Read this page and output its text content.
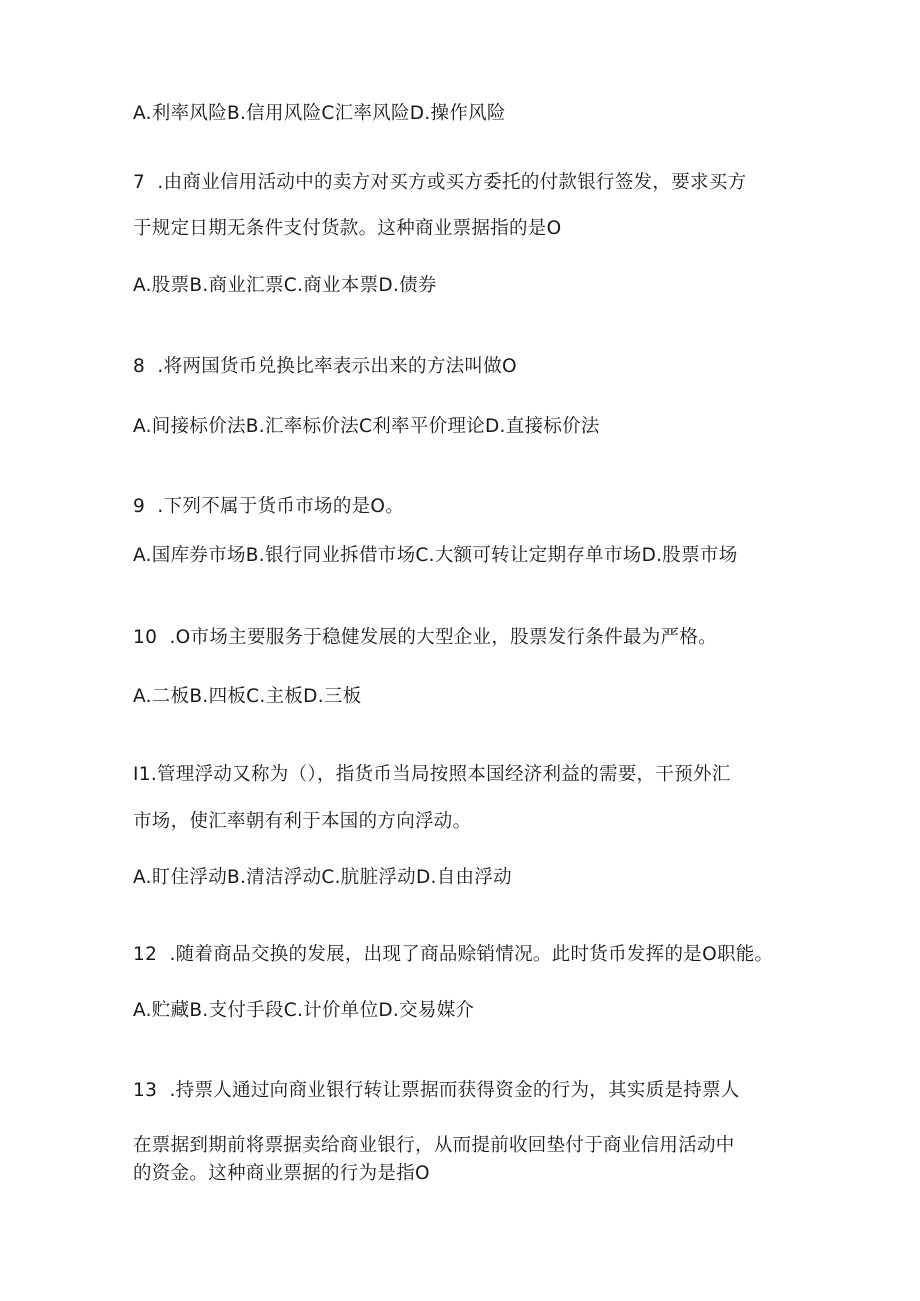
A.利率风险B.信用风险C汇率风险D.操作风险
7  .由商业信用活动中的卖方对买方或买方委托的付款银行签发，要求买方
于规定日期无条件支付货款。这种商业票据指的是O
A.股票B.商业汇票C.商业本票D.债券
8  .将两国货币兑换比率表示出来的方法叫做O
A.间接标价法B.汇率标价法C利率平价理论D.直接标价法
9  .下列不属于货币市场的是O。
A.国库券市场B.银行同业拆借市场C.大额可转让定期存单市场D.股票市场
10  .O市场主要服务于稳健发展的大型企业，股票发行条件最为严格。
A.二板B.四板C.主板D.三板
I1.管理浮动又称为（），指货币当局按照本国经济利益的需要，干预外汇
市场，使汇率朝有利于本国的方向浮动。
A.盯住浮动B.清洁浮动C.肮脏浮动D.自由浮动
12  .随着商品交换的发展，出现了商品赊销情况。此时货币发挥的是O职能。
A.贮藏B.支付手段C.计价单位D.交易媒介
13  .持票人通过向商业银行转让票据而获得资金的行为，其实质是持票人
在票据到期前将票据卖给商业银行，从而提前收回垫付于商业信用活动中
的资金。这种商业票据的行为是指O
